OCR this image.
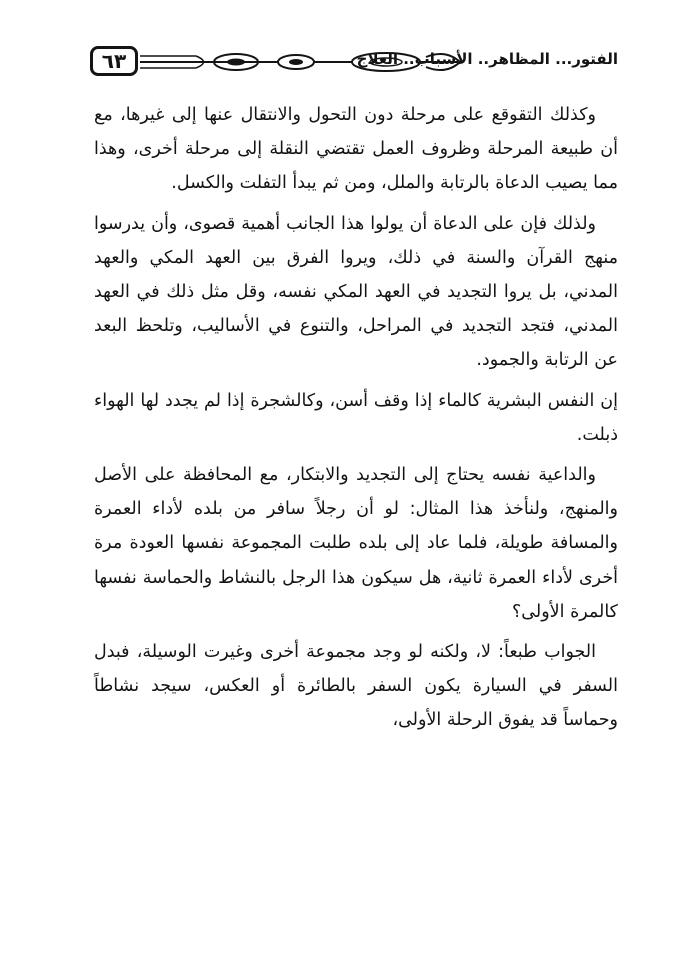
٦٣	الفتور... المظاهر.. الأسباب.. العلاج

وكذلك التقوقع على مرحلة دون التحول والانتقال عنها إلى غيرها، مع أن طبيعة المرحلة وظروف العمل تقتضي النقلة إلى مرحلة أخرى، وهذا مما يصيب الدعاة بالرتابة والملل، ومن ثم يبدأ التفلت والكسل.

ولذلك فإن على الدعاة أن يولوا هذا الجانب أهمية قصوى، وأن يدرسوا منهج القرآن والسنة في ذلك، ويروا الفرق بين العهد المكي والعهد المدني، بل يروا التجديد في العهد المكي نفسه، وقل مثل ذلك في العهد المدني، فتجد التجديد في المراحل، والتنوع في الأساليب، وتلحظ البعد عن الرتابة والجمود.

إن النفس البشرية كالماء إذا وقف أسن، وكالشجرة إذا لم يجدد لها الهواء ذبلت.

والداعية نفسه يحتاج إلى التجديد والابتكار، مع المحافظة على الأصل والمنهج، ولنأخذ هذا المثال: لو أن رجلاً سافر من بلده لأداء العمرة والمسافة طويلة، فلما عاد إلى بلده طلبت المجموعة نفسها العودة مرة أخرى لأداء العمرة ثانية، هل سيكون هذا الرجل بالنشاط والحماسة نفسها كالمرة الأولى؟

الجواب طبعاً: لا، ولكنه لو وجد مجموعة أخرى وغيرت الوسيلة، فبدل السفر في السيارة يكون السفر بالطائرة أو العكس، سيجد نشاطاً وحماساً قد يفوق الرحلة الأولى،
